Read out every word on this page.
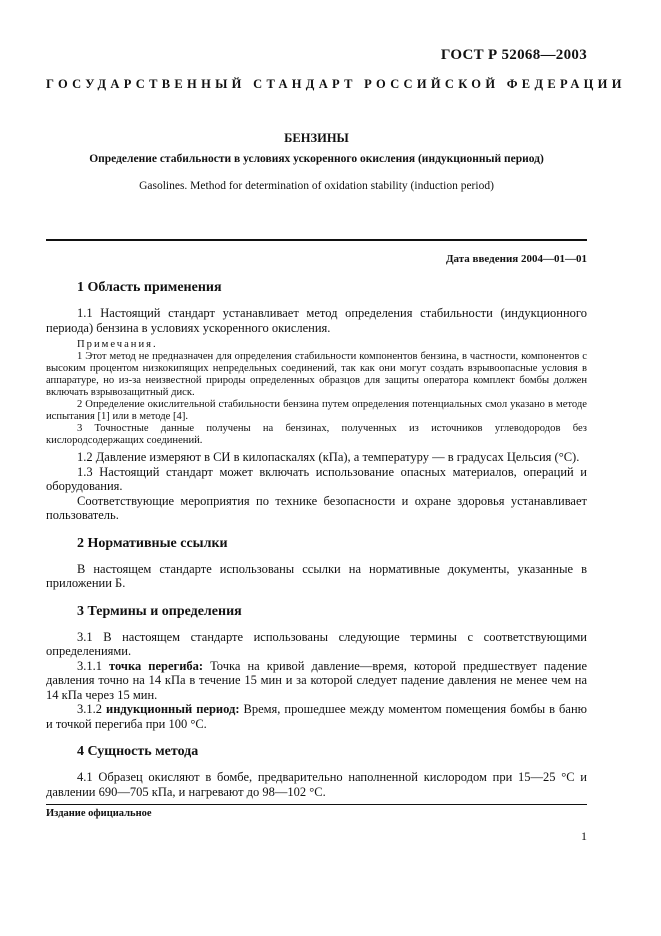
ГОСТ Р 52068—2003
ГОСУДАРСТВЕННЫЙ СТАНДАРТ РОССИЙСКОЙ ФЕДЕРАЦИИ
БЕНЗИНЫ
Определение стабильности в условиях ускоренного окисления (индукционный период)
Gasolines. Method for determination of oxidation stability (induction period)
Дата введения 2004—01—01
1 Область применения

1.1 Настоящий стандарт устанавливает метод определения стабильности (индукционного периода) бензина в условиях ускоренного окисления.

Примечания.

1 Этот метод не предназначен для определения стабильности компонентов бензина, в частности, компонентов с высоким процентом низкокипящих непредельных соединений, так как они могут создать взрывоопасные условия в аппаратуре, но из-за неизвестной природы определенных образцов для защиты оператора комплект бомбы должен включать взрывозащитный диск.

2 Определение окислительной стабильности бензина путем определения потенциальных смол указано в методе испытания [1] или в методе [4].

3 Точностные данные получены на бензинах, полученных из источников углеводородов без кислородсодержащих соединений.

1.2 Давление измеряют в СИ в килопаскалях (кПа), а температуру — в градусах Цельсия (°С).

1.3 Настоящий стандарт может включать использование опасных материалов, операций и оборудования.

Соответствующие мероприятия по технике безопасности и охране здоровья устанавливает пользователь.

2 Нормативные ссылки

В настоящем стандарте использованы ссылки на нормативные документы, указанные в приложении Б.

3 Термины и определения

3.1 В настоящем стандарте использованы следующие термины с соответствующими определениями.

3.1.1 точка перегиба: Точка на кривой давление—время, которой предшествует падение давления точно на 14 кПа в течение 15 мин и за которой следует падение давления не менее чем на 14 кПа через 15 мин.

3.1.2 индукционный период: Время, прошедшее между моментом помещения бомбы в баню и точкой перегиба при 100 °С.

4 Сущность метода

4.1 Образец окисляют в бомбе, предварительно наполненной кислородом при 15—25 °С и давлении 690—705 кПа, и нагревают до 98—102 °С.

Издание официальное
1
